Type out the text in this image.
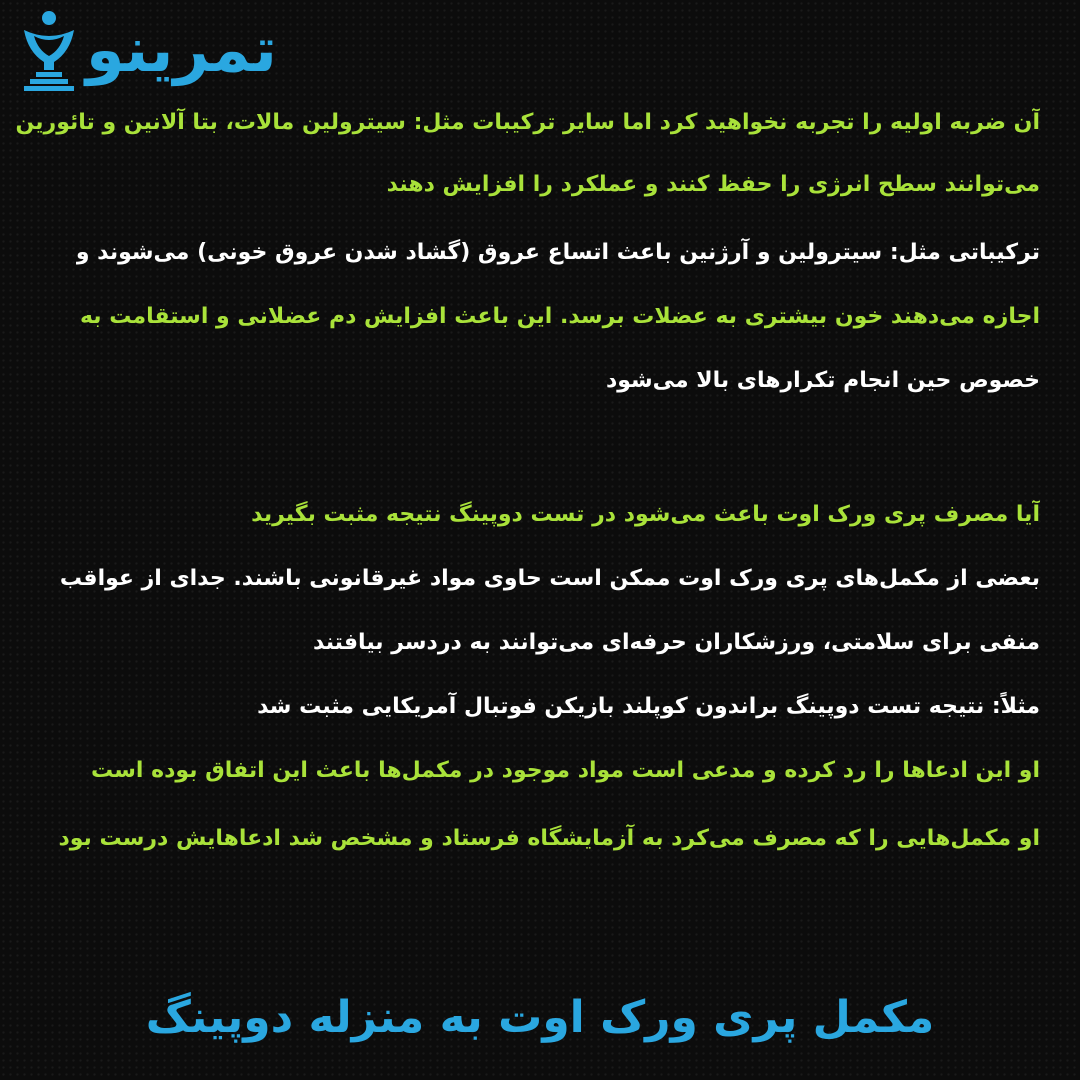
تمرینو
آن ضربه اولیه را تجربه نخواهید کرد اما سایر ترکیبات مثل: سیترولین مالات، بتا آلانین و تائورین
می‌توانند سطح انرژی را حفظ کنند و عملکرد را افزایش دهند
ترکیباتی مثل: سیترولین و آرژنین باعث اتساع عروق (گشاد شدن عروق خونی) می‌شوند و
اجازه می‌دهند خون بیشتری به عضلات برسد. این باعث افزایش دم عضلانی و استقامت به
خصوص حین انجام تکرارهای بالا می‌شود
آیا مصرف پری ورک اوت باعث می‌شود در تست دوپینگ نتیجه مثبت بگیرید
بعضی از مکمل‌های پری ورک اوت ممکن است حاوی مواد غیرقانونی باشند. جدای از عواقب
منفی برای سلامتی، ورزشکاران حرفه‌ای می‌توانند به دردسر بیافتند
مثلاً: نتیجه تست دوپینگ براندون کوپلند بازیکن فوتبال آمریکایی مثبت شد
او این ادعاها را رد کرده و مدعی است مواد موجود در مکمل‌ها باعث این اتفاق بوده است
او مکمل‌هایی را که مصرف می‌کرد به آزمایشگاه فرستاد و مشخص شد ادعاهایش درست بود
مکمل پری ورک اوت به منزله دوپینگ
